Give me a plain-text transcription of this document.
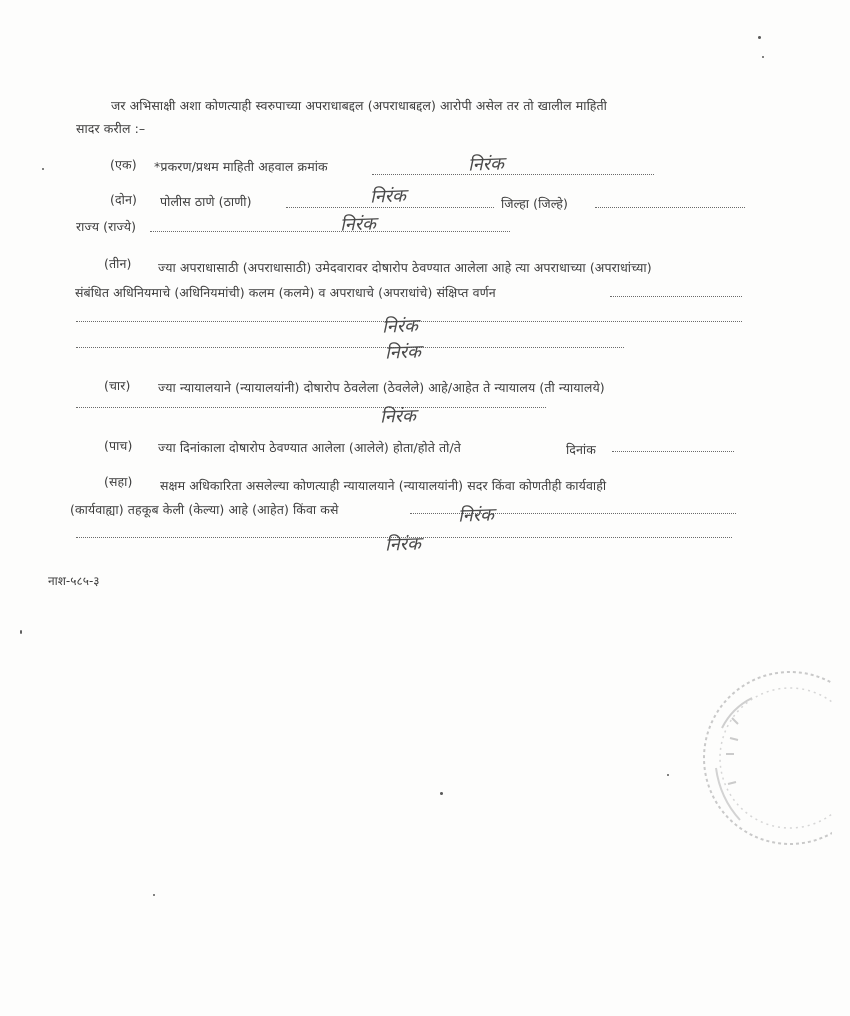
जर अभिसाक्षी अशा कोणत्याही स्वरुपाच्या अपराधाबद्दल (अपराधाबद्दल) आरोपी असेल तर तो खालील माहिती
सादर करील :–
(एक) *प्रकरण/प्रथम माहिती अहवाल क्रमांक	निरंक
(दोन) पोलीस ठाणे (ठाणी)	निरंक	जिल्हा (जिल्हे)
राज्य (राज्ये)	निरंक
(तीन) ज्या अपराधासाठी (अपराधासाठी) उमेदवारावर दोषारोप ठेवण्यात आलेला आहे त्या अपराधाच्या (अपराधांच्या)
संबंधित अधिनियमाचे (अधिनियमांची) कलम (कलमे) व अपराधाचे (अपराधांचे) संक्षिप्त वर्णन
निरंक
निरंक
(चार) ज्या न्यायालयाने (न्यायालयांनी) दोषारोप ठेवलेला (ठेवलेले) आहे/आहेत ते न्यायालय (ती न्यायालये)
निरंक
(पाच) ज्या दिनांकाला दोषारोप ठेवण्यात आलेला (आलेले) होता/होते तो/ते	दिनांक
(सहा) सक्षम अधिकारिता असलेल्या कोणत्याही न्यायालयाने (न्यायालयांनी) सदर किंवा कोणतीही कार्यवाही
(कार्यवाह्या) तहकूब केली (केल्या) आहे (आहेत) किंवा कसे	निरंक
निरंक
नाश-५८५-३
